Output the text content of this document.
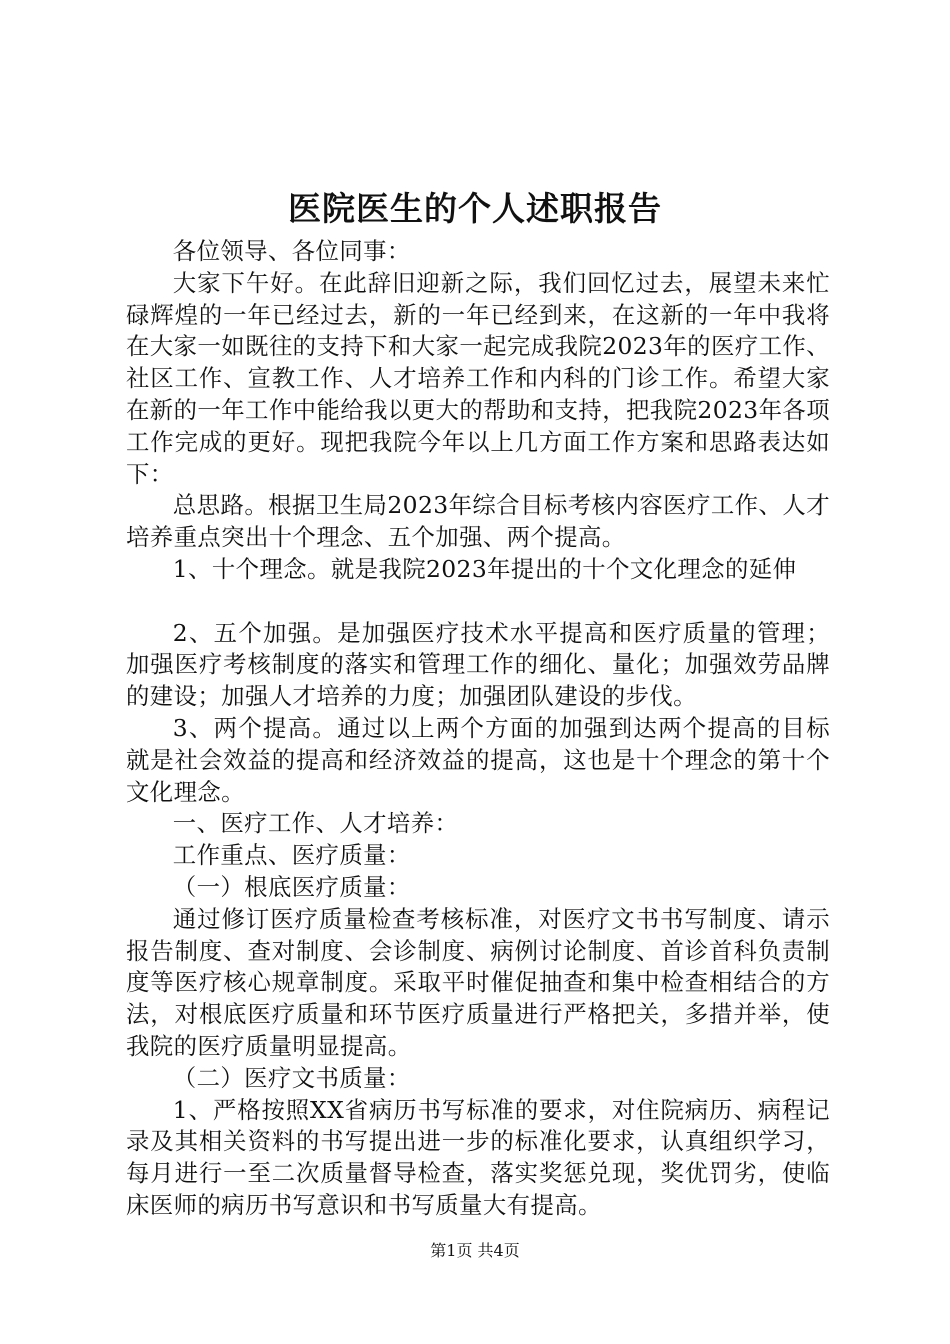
医院医生的个人述职报告

各位领导、各位同事：

大家下午好。在此辞旧迎新之际，我们回忆过去，展望未来忙碌辉煌的一年已经过去，新的一年已经到来，在这新的一年中我将在大家一如既往的支持下和大家一起完成我院2023年的医疗工作、社区工作、宣教工作、人才培养工作和内科的门诊工作。希望大家在新的一年工作中能给我以更大的帮助和支持，把我院2023年各项工作完成的更好。现把我院今年以上几方面工作方案和思路表达如下：

总思路。根据卫生局2023年综合目标考核内容医疗工作、人才培养重点突出十个理念、五个加强、两个提高。

1、十个理念。就是我院2023年提出的十个文化理念的延伸

2、五个加强。是加强医疗技术水平提高和医疗质量的管理；加强医疗考核制度的落实和管理工作的细化、量化；加强效劳品牌的建设；加强人才培养的力度；加强团队建设的步伐。

3、两个提高。通过以上两个方面的加强到达两个提高的目标就是社会效益的提高和经济效益的提高，这也是十个理念的第十个文化理念。

一、医疗工作、人才培养：

工作重点、医疗质量：

（一）根底医疗质量：

通过修订医疗质量检查考核标准，对医疗文书书写制度、请示报告制度、查对制度、会诊制度、病例讨论制度、首诊首科负责制度等医疗核心规章制度。采取平时催促抽查和集中检查相结合的方法，对根底医疗质量和环节医疗质量进行严格把关，多措并举，使我院的医疗质量明显提高。

（二）医疗文书质量：

1、严格按照XX省病历书写标准的要求，对住院病历、病程记录及其相关资料的书写提出进一步的标准化要求，认真组织学习，每月进行一至二次质量督导检查，落实奖惩兑现，奖优罚劣，使临床医师的病历书写意识和书写质量大有提高。

第1页 共4页
